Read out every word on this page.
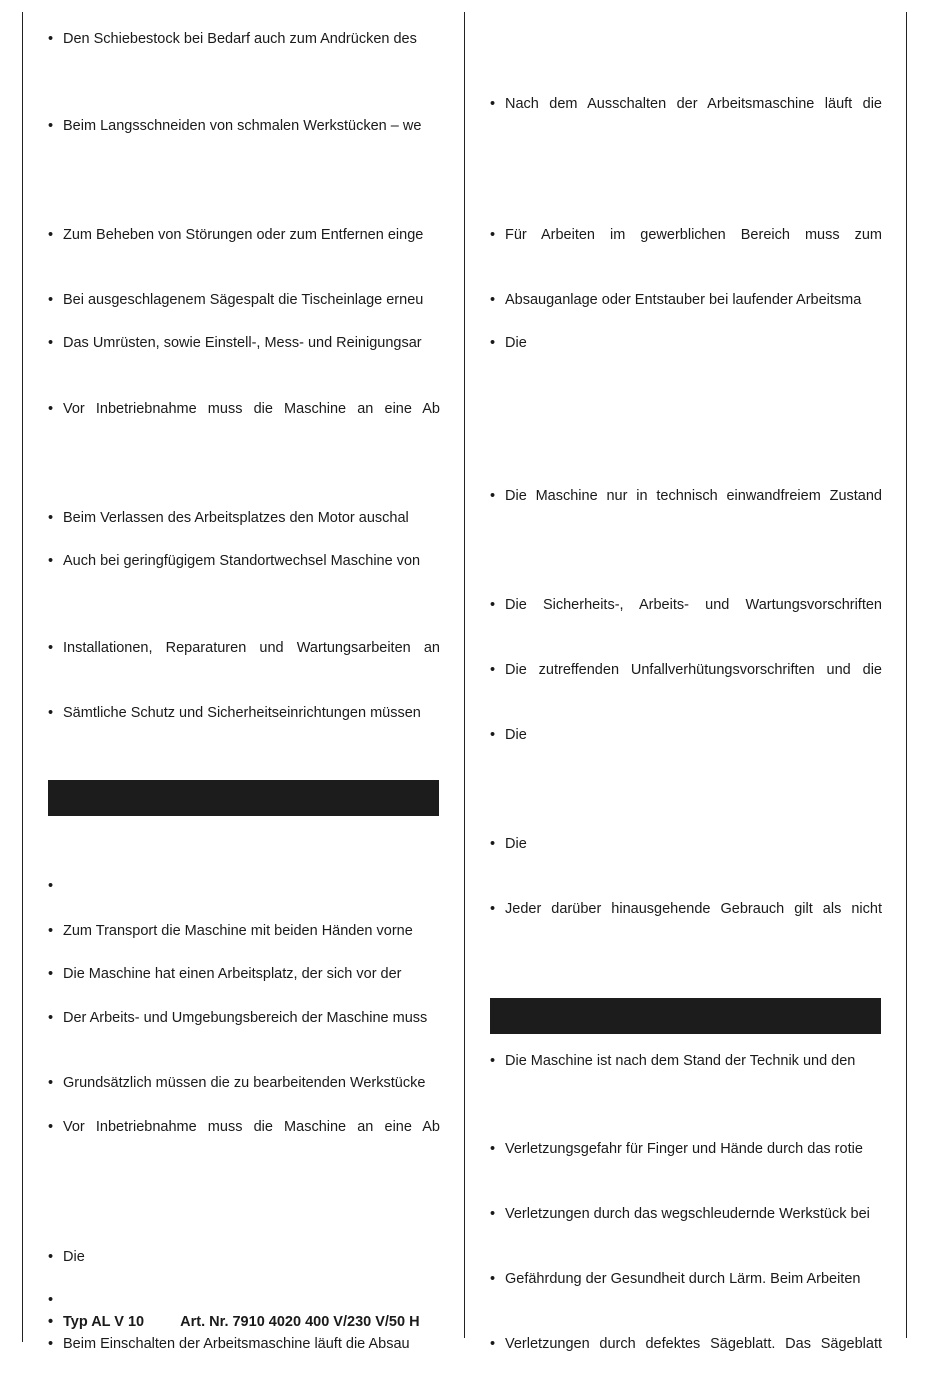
• Den Schiebestock bei Bedarf auch zum Andrücken des
• Beim Langsschneiden von schmalen Werkstücken – we
• Zum Beheben von Störungen oder zum Entfernen einge
• Bei ausgeschlagenem Sägespalt die Tischeinlage erneu
• Das Umrüsten, sowie Einstell-, Mess- und Reinigungsar
• Vor Inbetriebnahme muss die Maschine an eine Ab
• Beim Verlassen des Arbeitsplatzes den Motor auschal
• Auch bei geringfügigem Standortwechsel Maschine von
• Installationen, Reparaturen und Wartungsarbeiten an
• Sämtliche Schutz und Sicherheitseinrichtungen müssen
•
• Zum Transport die Maschine mit beiden Händen vorne
• Die Maschine hat einen Arbeitsplatz, der sich vor der
• Der Arbeits- und Umgebungsbereich der Maschine muss
• Grundsätzlich müssen die zu bearbeitenden Werkstücke
• Vor Inbetriebnahme muss die Maschine an eine Ab
• Die
•
• Beim Einschalten der Arbeitsmaschine läuft die Absau
• Nach dem Ausschalten der Arbeitsmaschine läuft die
• Für Arbeiten im gewerblichen Bereich muss zum
• Absauganlage oder Entstauber bei laufender Arbeitsma
• Die
• Die Maschine nur in technisch einwandfreiem Zustand
• Die Sicherheits-, Arbeits- und Wartungsvorschriften
• Die zutreffenden Unfallverhütungsvorschriften und die
• Die
• Die
• Jeder darüber hinausgehende Gebrauch gilt als nicht
• Die Maschine ist nach dem Stand der Technik und den
• Verletzungsgefahr für Finger und Hände durch das rotie
• Verletzungen durch das wegschleudernde Werkstück bei
• Gefährdung der Gesundheit durch Lärm. Beim Arbeiten
• Verletzungen durch defektes Sägeblatt. Das Sägeblatt
• Typ AL V 10 Art. Nr. 7910 4020 400 V/230 V/50 H
